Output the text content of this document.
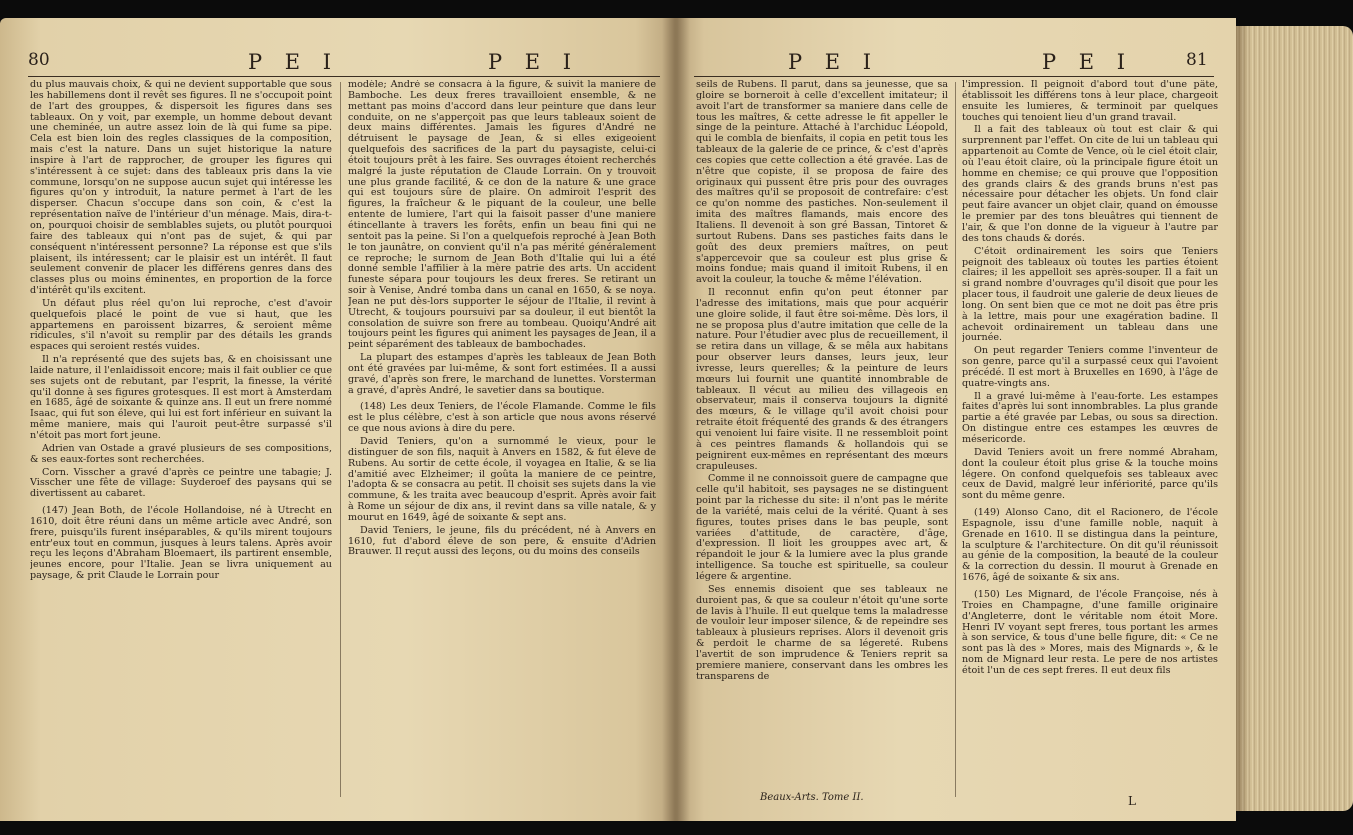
80	P E I	P E I	P E I	P E I	81

du plus mauvais choix, & qui ne devient supportable que sous les habillemens dont il revêt ses figures. Il ne s'occupoit point de l'art des grouppes, & dispersoit les figures dans ses tableaux. On y voit, par exemple, un homme debout devant une cheminée, un autre assez loin de là qui fume sa pipe. Cela est bien loin des regles classiques de la composition, mais c'est la nature. Dans un sujet historique la nature inspire à l'art de rapprocher, de grouper les figures qui s'intéressent à ce sujet: dans des tableaux pris dans la vie commune, lorsqu'on ne suppose aucun sujet qui intéresse les figures qu'on y introduit, la nature permet à l'art de les disperser. Chacun s'occupe dans son coin, & c'est la représentation naïve de l'intérieur d'un ménage. Mais, dira-t-on, pourquoi choisir de semblables sujets, ou plutôt pourquoi faire des tableaux qui n'ont pas de sujet, & qui par conséquent n'intéressent personne? La réponse est que s'ils plaisent, ils intéressent; car le plaisir est un intérêt. Il faut seulement convenir de placer les différens genres dans des classes plus ou moins éminentes, en proportion de la force d'intérêt qu'ils excitent.

Un défaut plus réel qu'on lui reproche, c'est d'avoir quelquefois placé le point de vue si haut, que les appartemens en paroissent bizarres, & seroient même ridicules, s'il n'avoit su remplir par des détails les grands espaces qui seroient restés vuides.

Il n'a représenté que des sujets bas, & en choisissant une laide nature, il l'enlaidissoit encore; mais il fait oublier ce que ses sujets ont de rebutant, par l'esprit, la finesse, la vérité qu'il donne à ses figures grotesques. Il est mort à Amsterdam en 1685, âgé de soixante & quinze ans. Il eut un frere nommé Isaac, qui fut son éleve, qui lui est fort inférieur en suivant la même maniere, mais qui l'auroit peut-être surpassé s'il n'étoit pas mort fort jeune.

Adrien van Ostade a gravé plusieurs de ses compositions, & ses eaux-fortes sont recherchées.

Corn. Visscher a gravé d'après ce peintre une tabagie; J. Visscher une fête de village: Suyderoef des paysans qui se divertissent au cabaret.

(147) Jean Both, de l'école Hollandoise, né à Utrecht en 1610, doit être réuni dans un même article avec André, son frere, puisqu'ils furent inséparables, & qu'ils mirent toujours entr'eux tout en commun, jusques à leurs talens. Après avoir reçu les leçons d'Abraham Bloemaert, ils partirent ensemble, jeunes encore, pour l'Italie. Jean se livra uniquement au paysage, & prit Claude le Lorrain pour

modèle; André se consacra à la figure, & suivit la maniere de Bamboche. Les deux freres travailloient ensemble, & ne mettant pas moins d'accord dans leur peinture que dans leur conduite, on ne s'apperçoit pas que leurs tableaux soient de deux mains différentes. Jamais les figures d'André ne détruisent le paysage de Jean, & si elles exigeoient quelquefois des sacrifices de la part du paysagiste, celui-ci étoit toujours prêt à les faire. Ses ouvrages étoient recherchés malgré la juste réputation de Claude Lorrain. On y trouvoit une plus grande facilité, & ce don de la nature & une grace qui est toujours sûre de plaire. On admiroit l'esprit des figures, la fraîcheur & le piquant de la couleur, une belle entente de lumiere, l'art qui la faisoit passer d'une maniere étincellante à travers les forêts, enfin un beau fini qui ne sentoit pas la peine. Si l'on a quelquefois reproché à Jean Both le ton jaunâtre, on convient qu'il n'a pas mérité généralement ce reproche; le surnom de Jean Both d'Italie qui lui a été donné semble l'affilier à la mère patrie des arts. Un accident funeste sépara pour toujours les deux freres. Se retirant un soir à Venise, André tomba dans un canal en 1650, & se noya. Jean ne put dès-lors supporter le séjour de l'Italie, il revint à Utrecht, & toujours poursuivi par sa douleur, il eut bientôt la consolation de suivre son frere au tombeau. Quoiqu'André ait toujours peint les figures qui animent les paysages de Jean, il a peint séparément des tableaux de bambochades.

La plupart des estampes d'après les tableaux de Jean Both ont été gravées par lui-même, & sont fort estimées. Il a aussi gravé, d'après son frere, le marchand de lunettes. Vorsterman a gravé, d'après André, le savetier dans sa boutique.

(148) Les deux Teniers, de l'école Flamande. Comme le fils est le plus célèbre, c'est à son article que nous avons réservé ce que nous avions à dire du pere.

David Teniers, qu'on a surnommé le vieux, pour le distinguer de son fils, naquit à Anvers en 1582, & fut éleve de Rubens. Au sortir de cette école, il voyagea en Italie, & se lia d'amitié avec Elzheimer; il goûta la maniere de ce peintre, l'adopta & se consacra au petit. Il choisit ses sujets dans la vie commune, & les traita avec beaucoup d'esprit. Après avoir fait à Rome un séjour de dix ans, il revint dans sa ville natale, & y mourut en 1649, âgé de soixante & sept ans.

David Teniers, le jeune, fils du précédent, né à Anvers en 1610, fut d'abord éleve de son pere, & ensuite d'Adrien Brauwer. Il reçut aussi des leçons, ou du moins des conseils

seils de Rubens. Il parut, dans sa jeunesse, que sa gloire se borneroit à celle d'excellent imitateur; il avoit l'art de transformer sa maniere dans celle de tous les maîtres, & cette adresse le fit appeller le singe de la peinture. Attaché à l'archiduc Léopold, qui le combla de bienfaits, il copia en petit tous les tableaux de la galerie de ce prince, & c'est d'après ces copies que cette collection a été gravée. Las de n'être que copiste, il se proposa de faire des originaux qui pussent être pris pour des ouvrages des maîtres qu'il se proposoit de contrefaire: c'est ce qu'on nomme des pastiches. Non-seulement il imita des maîtres flamands, mais encore des Italiens. Il devenoit à son gré Bassan, Tintoret & surtout Rubens. Dans ses pastiches faits dans le goût des deux premiers maîtres, on peut s'appercevoir que sa couleur est plus grise & moins fondue; mais quand il imitoit Rubens, il en avoit la couleur, la touche & même l'élévation.

Il reconnut enfin qu'on peut étonner par l'adresse des imitations, mais que pour acquérir une gloire solide, il faut être soi-même. Dès lors, il ne se proposa plus d'autre imitation que celle de la nature. Pour l'étudier avec plus de recueillement, il se retira dans un village, & se mêla aux habitans pour observer leurs danses, leurs jeux, leur ivresse, leurs querelles; & la peinture de leurs mœurs lui fournit une quantité innombrable de tableaux. Il vécut au milieu des villageois en observateur, mais il conserva toujours la dignité des mœurs, & le village qu'il avoit choisi pour retraite étoit fréquenté des grands & des étrangers qui venoient lui faire visite. Il ne ressembloit point à ces peintres flamands & hollandois qui se peignirent eux-mêmes en représentant des mœurs crapuleuses.

Comme il ne connoissoit guere de campagne que celle qu'il habitoit, ses paysages ne se distinguent point par la richesse du site: il n'ont pas le mérite de la variété, mais celui de la vérité. Quant à ses figures, toutes prises dans le bas peuple, sont variées d'attitude, de caractère, d'âge, d'expression. Il lioit les grouppes avec art, & répandoit le jour & la lumiere avec la plus grande intelligence. Sa touche est spirituelle, sa couleur légere & argentine.

Ses ennemis disoient que ses tableaux ne duroient pas, & que sa couleur n'étoit qu'une sorte de lavis à l'huile. Il eut quelque tems la maladresse de vouloir leur imposer silence, & de repeindre ses tableaux à plusieurs reprises. Alors il devenoit gris & perdoit le charme de sa légereté. Rubens l'avertit de son imprudence & Teniers reprit sa premiere maniere, conservant dans les ombres les transparens de

l'impression. Il peignoit d'abord tout d'une pâte, établissoit les différens tons à leur place, chargeoit ensuite les lumieres, & terminoit par quelques touches qui tenoient lieu d'un grand travail.

Il a fait des tableaux où tout est clair & qui surprennent par l'effet. On cite de lui un tableau qui appartenoit au Comte de Vence, où le ciel étoit clair, où l'eau étoit claire, où la principale figure étoit un homme en chemise; ce qui prouve que l'opposition des grands clairs & des grands bruns n'est pas nécessaire pour détacher les objets. Un fond clair peut faire avancer un objet clair, quand on émousse le premier par des tons bleuâtres qui tiennent de l'air, & que l'on donne de la vigueur à l'autre par des tons chauds & dorés.

C'étoit ordinairement les soirs que Teniers peignoit des tableaux où toutes les parties étoient claires; il les appelloit ses après-souper. Il a fait un si grand nombre d'ouvrages qu'il disoit que pour les placer tous, il faudroit une galerie de deux lieues de long. On sent bien que ce mot ne doit pas être pris à la lettre, mais pour une exagération badine. Il achevoit ordinairement un tableau dans une journée.

On peut regarder Teniers comme l'inventeur de son genre, parce qu'il a surpassé ceux qui l'avoient précédé. Il est mort à Bruxelles en 1690, à l'âge de quatre-vingts ans.

Il a gravé lui-même à l'eau-forte. Les estampes faites d'après lui sont innombrables. La plus grande partie a été gravée par Lebas, ou sous sa direction. On distingue entre ces estampes les œuvres de mésericorde.

David Teniers avoit un frere nommé Abraham, dont la couleur étoit plus grise & la touche moins légere. On confond quelquefois ses tableaux avec ceux de David, malgré leur infériorité, parce qu'ils sont du même genre.

(149) Alonso Cano, dit el Racionero, de l'école Espagnole, issu d'une famille noble, naquit à Grenade en 1610. Il se distingua dans la peinture, la sculpture & l'architecture. On dit qu'il réunissoit au génie de la composition, la beauté de la couleur & la correction du dessin. Il mourut à Grenade en 1676, âgé de soixante & six ans.

(150) Les Mignard, de l'école Françoise, nés à Troies en Champagne, d'une famille originaire d'Angleterre, dont le véritable nom étoit More. Henri IV voyant sept freres, tous portant les armes à son service, & tous d'une belle figure, dit: « Ce ne sont pas là des » Mores, mais des Mignards », & le nom de Mignard leur resta. Le pere de nos artistes étoit l'un de ces sept freres. Il eut deux fils

Beaux-Arts. Tome II.	L
